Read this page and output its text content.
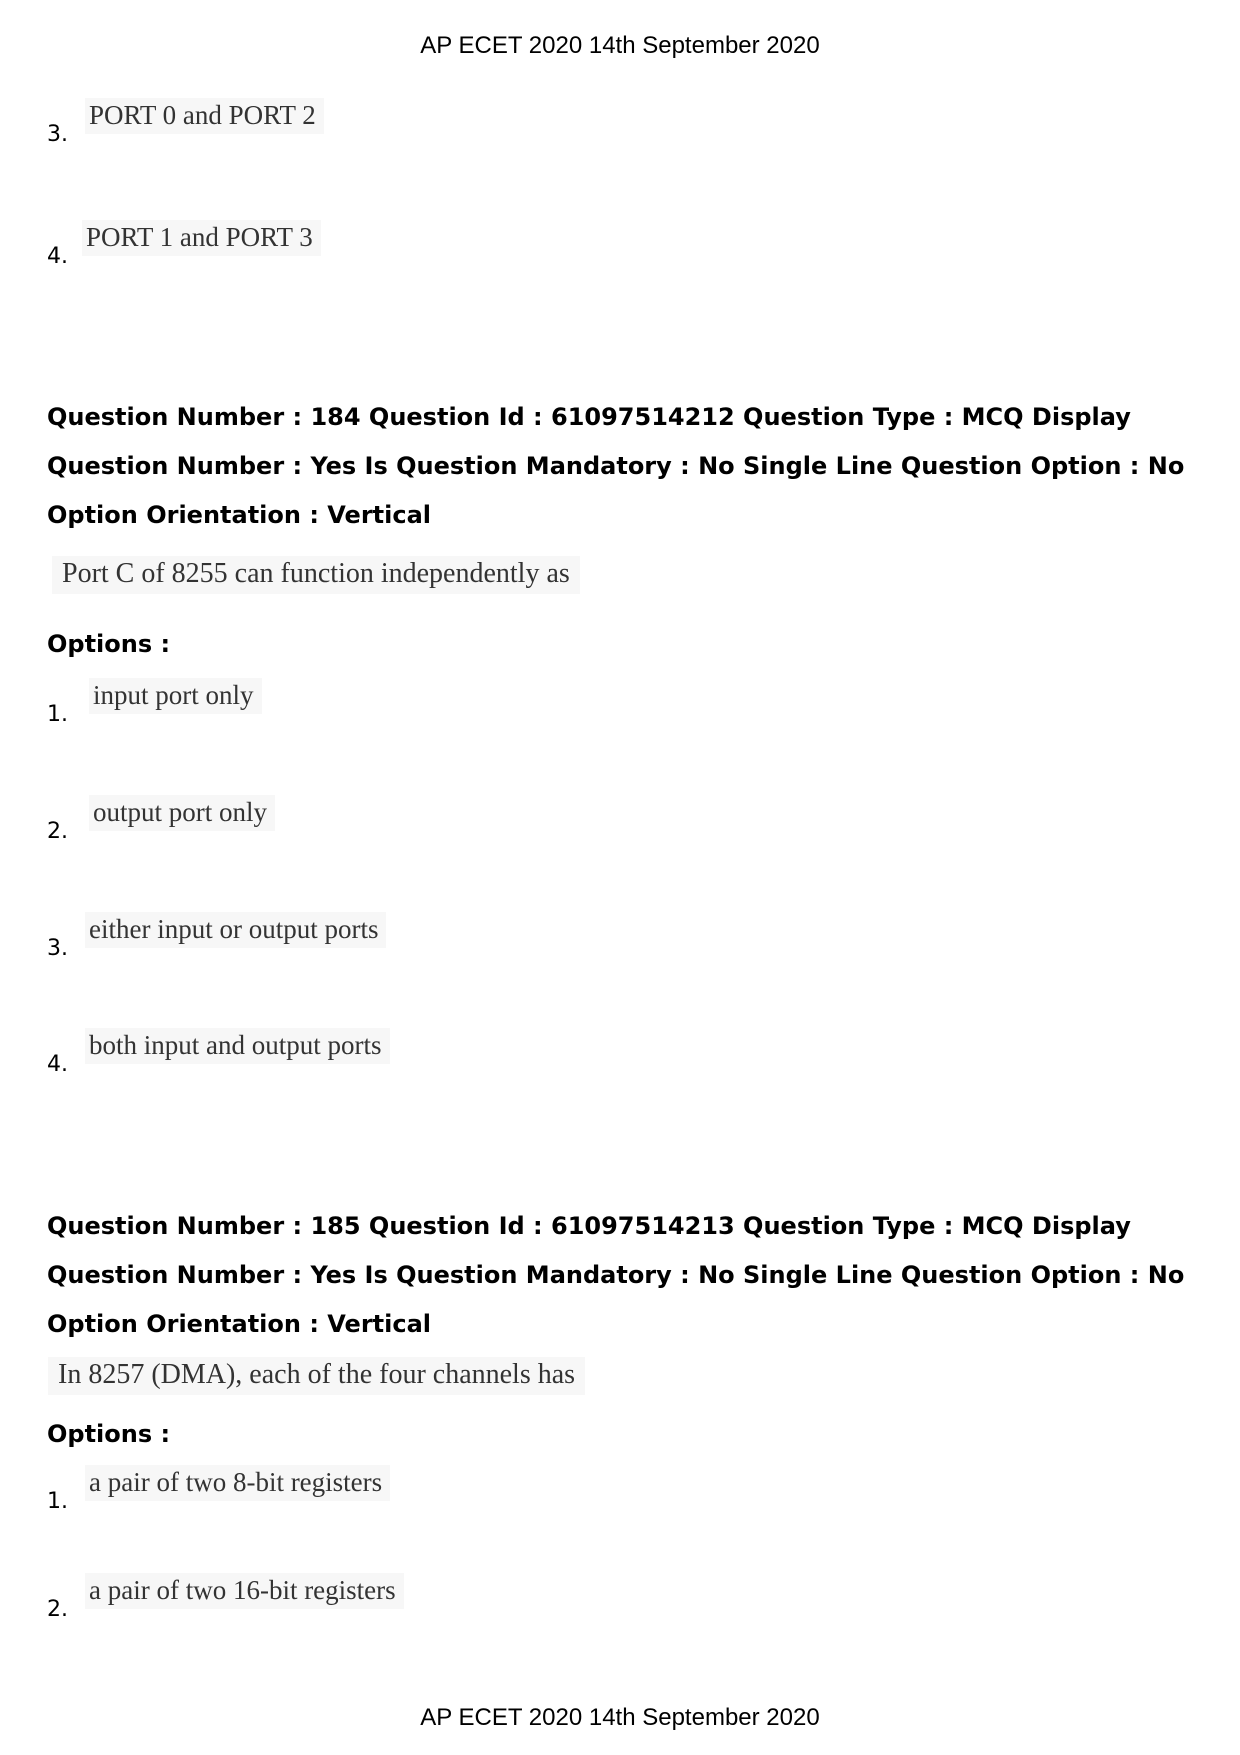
AP ECET 2020 14th September 2020
3.
PORT 0 and PORT 2
4.
PORT 1 and PORT 3
Question Number : 184 Question Id : 61097514212 Question Type : MCQ Display Question Number : Yes Is Question Mandatory : No Single Line Question Option : No Option Orientation : Vertical
Port C of 8255 can function independently as
Options :
1.
input port only
2.
output port only
3.
either input or output ports
4.
both input and output ports
Question Number : 185 Question Id : 61097514213 Question Type : MCQ Display Question Number : Yes Is Question Mandatory : No Single Line Question Option : No Option Orientation : Vertical
In 8257 (DMA), each of the four channels has
Options :
1.
a pair of two 8-bit registers
2.
a pair of two 16-bit registers
AP ECET 2020 14th September 2020
